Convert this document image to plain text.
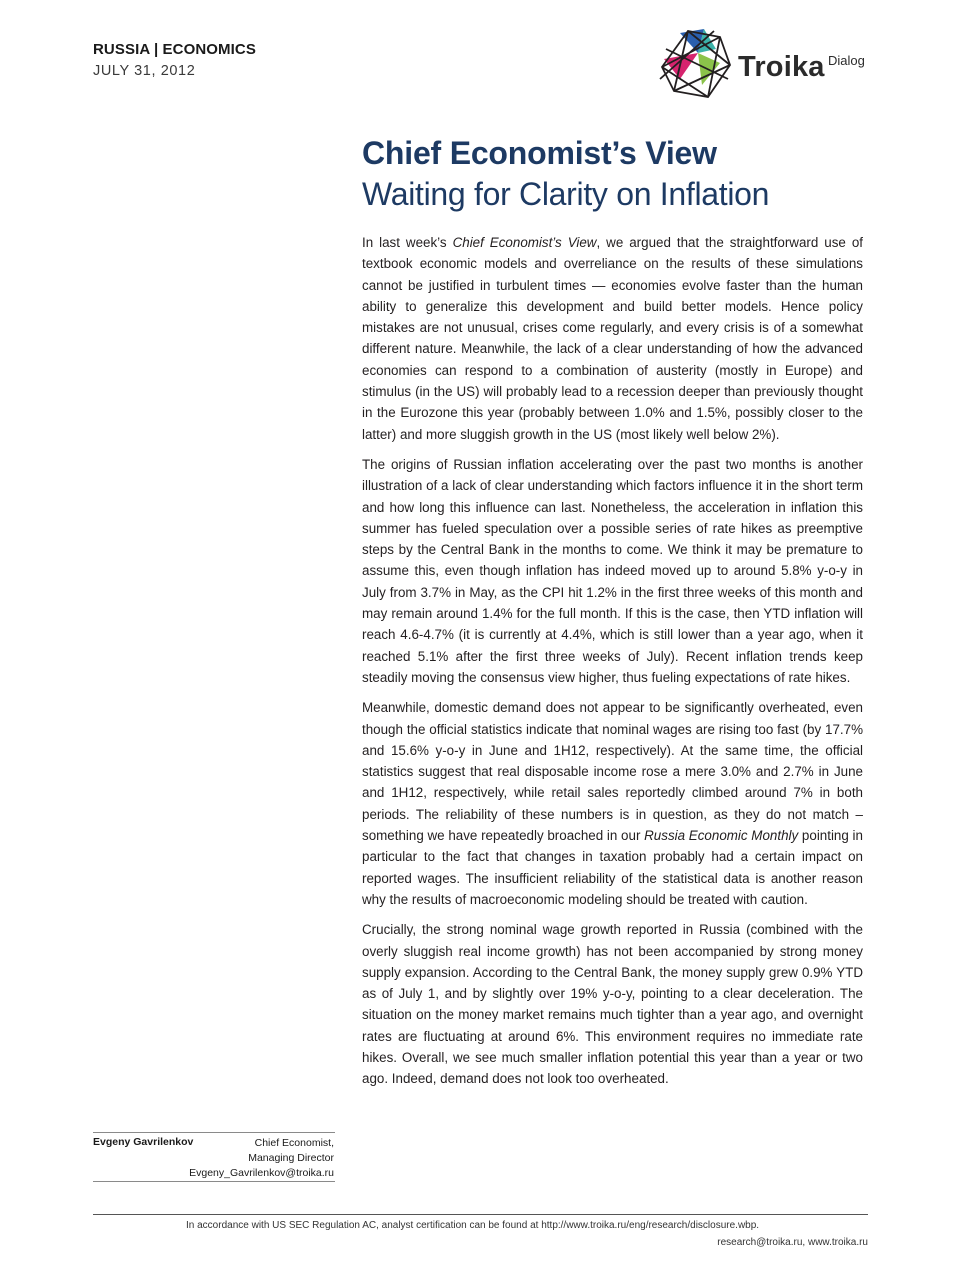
RUSSIA | ECONOMICS
JULY 31, 2012	Troika Dialog
Chief Economist’s View
Waiting for Clarity on Inflation

In last week’s Chief Economist’s View, we argued that the straightforward use of textbook economic models and overreliance on the results of these simulations cannot be justified in turbulent times — economies evolve faster than the human ability to generalize this development and build better models. Hence policy mistakes are not unusual, crises come regularly, and every crisis is of a somewhat different nature. Meanwhile, the lack of a clear understanding of how the advanced economies can respond to a combination of austerity (mostly in Europe) and stimulus (in the US) will probably lead to a recession deeper than previously thought in the Eurozone this year (probably between 1.0% and 1.5%, possibly closer to the latter) and more sluggish growth in the US (most likely well below 2%).

The origins of Russian inflation accelerating over the past two months is another illustration of a lack of clear understanding which factors influence it in the short term and how long this influence can last. Nonetheless, the acceleration in inflation this summer has fueled speculation over a possible series of rate hikes as preemptive steps by the Central Bank in the months to come. We think it may be premature to assume this, even though inflation has indeed moved up to around 5.8% y-o-y in July from 3.7% in May, as the CPI hit 1.2% in the first three weeks of this month and may remain around 1.4% for the full month. If this is the case, then YTD inflation will reach 4.6-4.7% (it is currently at 4.4%, which is still lower than a year ago, when it reached 5.1% after the first three weeks of July). Recent inflation trends keep steadily moving the consensus view higher, thus fueling expectations of rate hikes.

Meanwhile, domestic demand does not appear to be significantly overheated, even though the official statistics indicate that nominal wages are rising too fast (by 17.7% and 15.6% y-o-y in June and 1H12, respectively). At the same time, the official statistics suggest that real disposable income rose a mere 3.0% and 2.7% in June and 1H12, respectively, while retail sales reportedly climbed around 7% in both periods. The reliability of these numbers is in question, as they do not match – something we have repeatedly broached in our Russia Economic Monthly pointing in particular to the fact that changes in taxation probably had a certain impact on reported wages. The insufficient reliability of the statistical data is another reason why the results of macroeconomic modeling should be treated with caution.

Crucially, the strong nominal wage growth reported in Russia (combined with the overly sluggish real income growth) has not been accompanied by strong money supply expansion. According to the Central Bank, the money supply grew 0.9% YTD as of July 1, and by slightly over 19% y-o-y, pointing to a clear deceleration. The situation on the money market remains much tighter than a year ago, and overnight rates are fluctuating at around 6%. This environment requires no immediate rate hikes. Overall, we see much smaller inflation potential this year than a year or two ago. Indeed, demand does not look too overheated.

Evgeny Gavrilenkov	Chief Economist,
Managing Director
Evgeny_Gavrilenkov@troika.ru
In accordance with US SEC Regulation AC, analyst certification can be found at http://www.troika.ru/eng/research/disclosure.wbp.
research@troika.ru, www.troika.ru
